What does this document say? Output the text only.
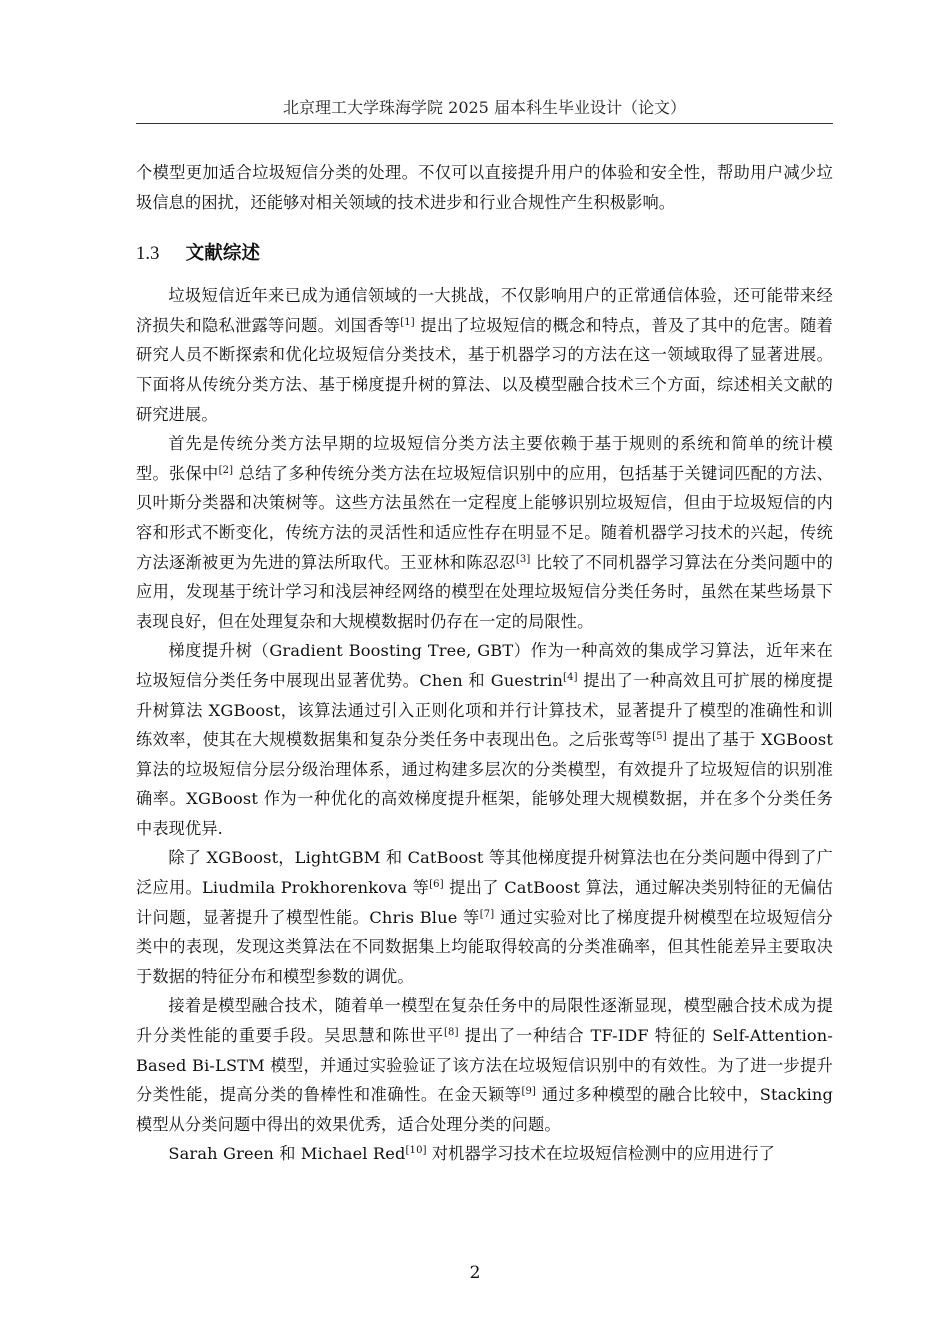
北京理工大学珠海学院 2025 届本科生毕业设计（论文）

个模型更加适合垃圾短信分类的处理。不仅可以直接提升用户的体验和安全性，帮助用户减少垃圾信息的困扰，还能够对相关领域的技术进步和行业合规性产生积极影响。

1.3 文献综述

垃圾短信近年来已成为通信领域的一大挑战，不仅影响用户的正常通信体验，还可能带来经济损失和隐私泄露等问题。刘国香等[1] 提出了垃圾短信的概念和特点，普及了其中的危害。随着研究人员不断探索和优化垃圾短信分类技术，基于机器学习的方法在这一领域取得了显著进展。下面将从传统分类方法、基于梯度提升树的算法、以及模型融合技术三个方面，综述相关文献的研究进展。

首先是传统分类方法早期的垃圾短信分类方法主要依赖于基于规则的系统和简单的统计模型。张保中[2] 总结了多种传统分类方法在垃圾短信识别中的应用，包括基于关键词匹配的方法、贝叶斯分类器和决策树等。这些方法虽然在一定程度上能够识别垃圾短信，但由于垃圾短信的内容和形式不断变化，传统方法的灵活性和适应性存在明显不足。随着机器学习技术的兴起，传统方法逐渐被更为先进的算法所取代。王亚林和陈忍忍[3] 比较了不同机器学习算法在分类问题中的应用，发现基于统计学习和浅层神经网络的模型在处理垃圾短信分类任务时，虽然在某些场景下表现良好，但在处理复杂和大规模数据时仍存在一定的局限性。

梯度提升树（Gradient Boosting Tree, GBT）作为一种高效的集成学习算法，近年来在垃圾短信分类任务中展现出显著优势。Chen 和 Guestrin[4] 提出了一种高效且可扩展的梯度提升树算法 XGBoost，该算法通过引入正则化项和并行计算技术，显著提升了模型的准确性和训练效率，使其在大规模数据集和复杂分类任务中表现出色。之后张莺等[5] 提出了基于 XGBoost 算法的垃圾短信分层分级治理体系，通过构建多层次的分类模型，有效提升了垃圾短信的识别准确率。XGBoost 作为一种优化的高效梯度提升框架，能够处理大规模数据，并在多个分类任务中表现优异.

除了 XGBoost，LightGBM 和 CatBoost 等其他梯度提升树算法也在分类问题中得到了广泛应用。Liudmila Prokhorenkova 等[6] 提出了 CatBoost 算法，通过解决类别特征的无偏估计问题，显著提升了模型性能。Chris Blue 等[7] 通过实验对比了梯度提升树模型在垃圾短信分类中的表现，发现这类算法在不同数据集上均能取得较高的分类准确率，但其性能差异主要取决于数据的特征分布和模型参数的调优。

接着是模型融合技术，随着单一模型在复杂任务中的局限性逐渐显现，模型融合技术成为提升分类性能的重要手段。吴思慧和陈世平[8] 提出了一种结合 TF-IDF 特征的 Self-Attention-Based Bi-LSTM 模型，并通过实验验证了该方法在垃圾短信识别中的有效性。为了进一步提升分类性能，提高分类的鲁棒性和准确性。在金天颖等[9] 通过多种模型的融合比较中，Stacking 模型从分类问题中得出的效果优秀，适合处理分类的问题。

Sarah Green 和 Michael Red[10] 对机器学习技术在垃圾短信检测中的应用进行了

2
